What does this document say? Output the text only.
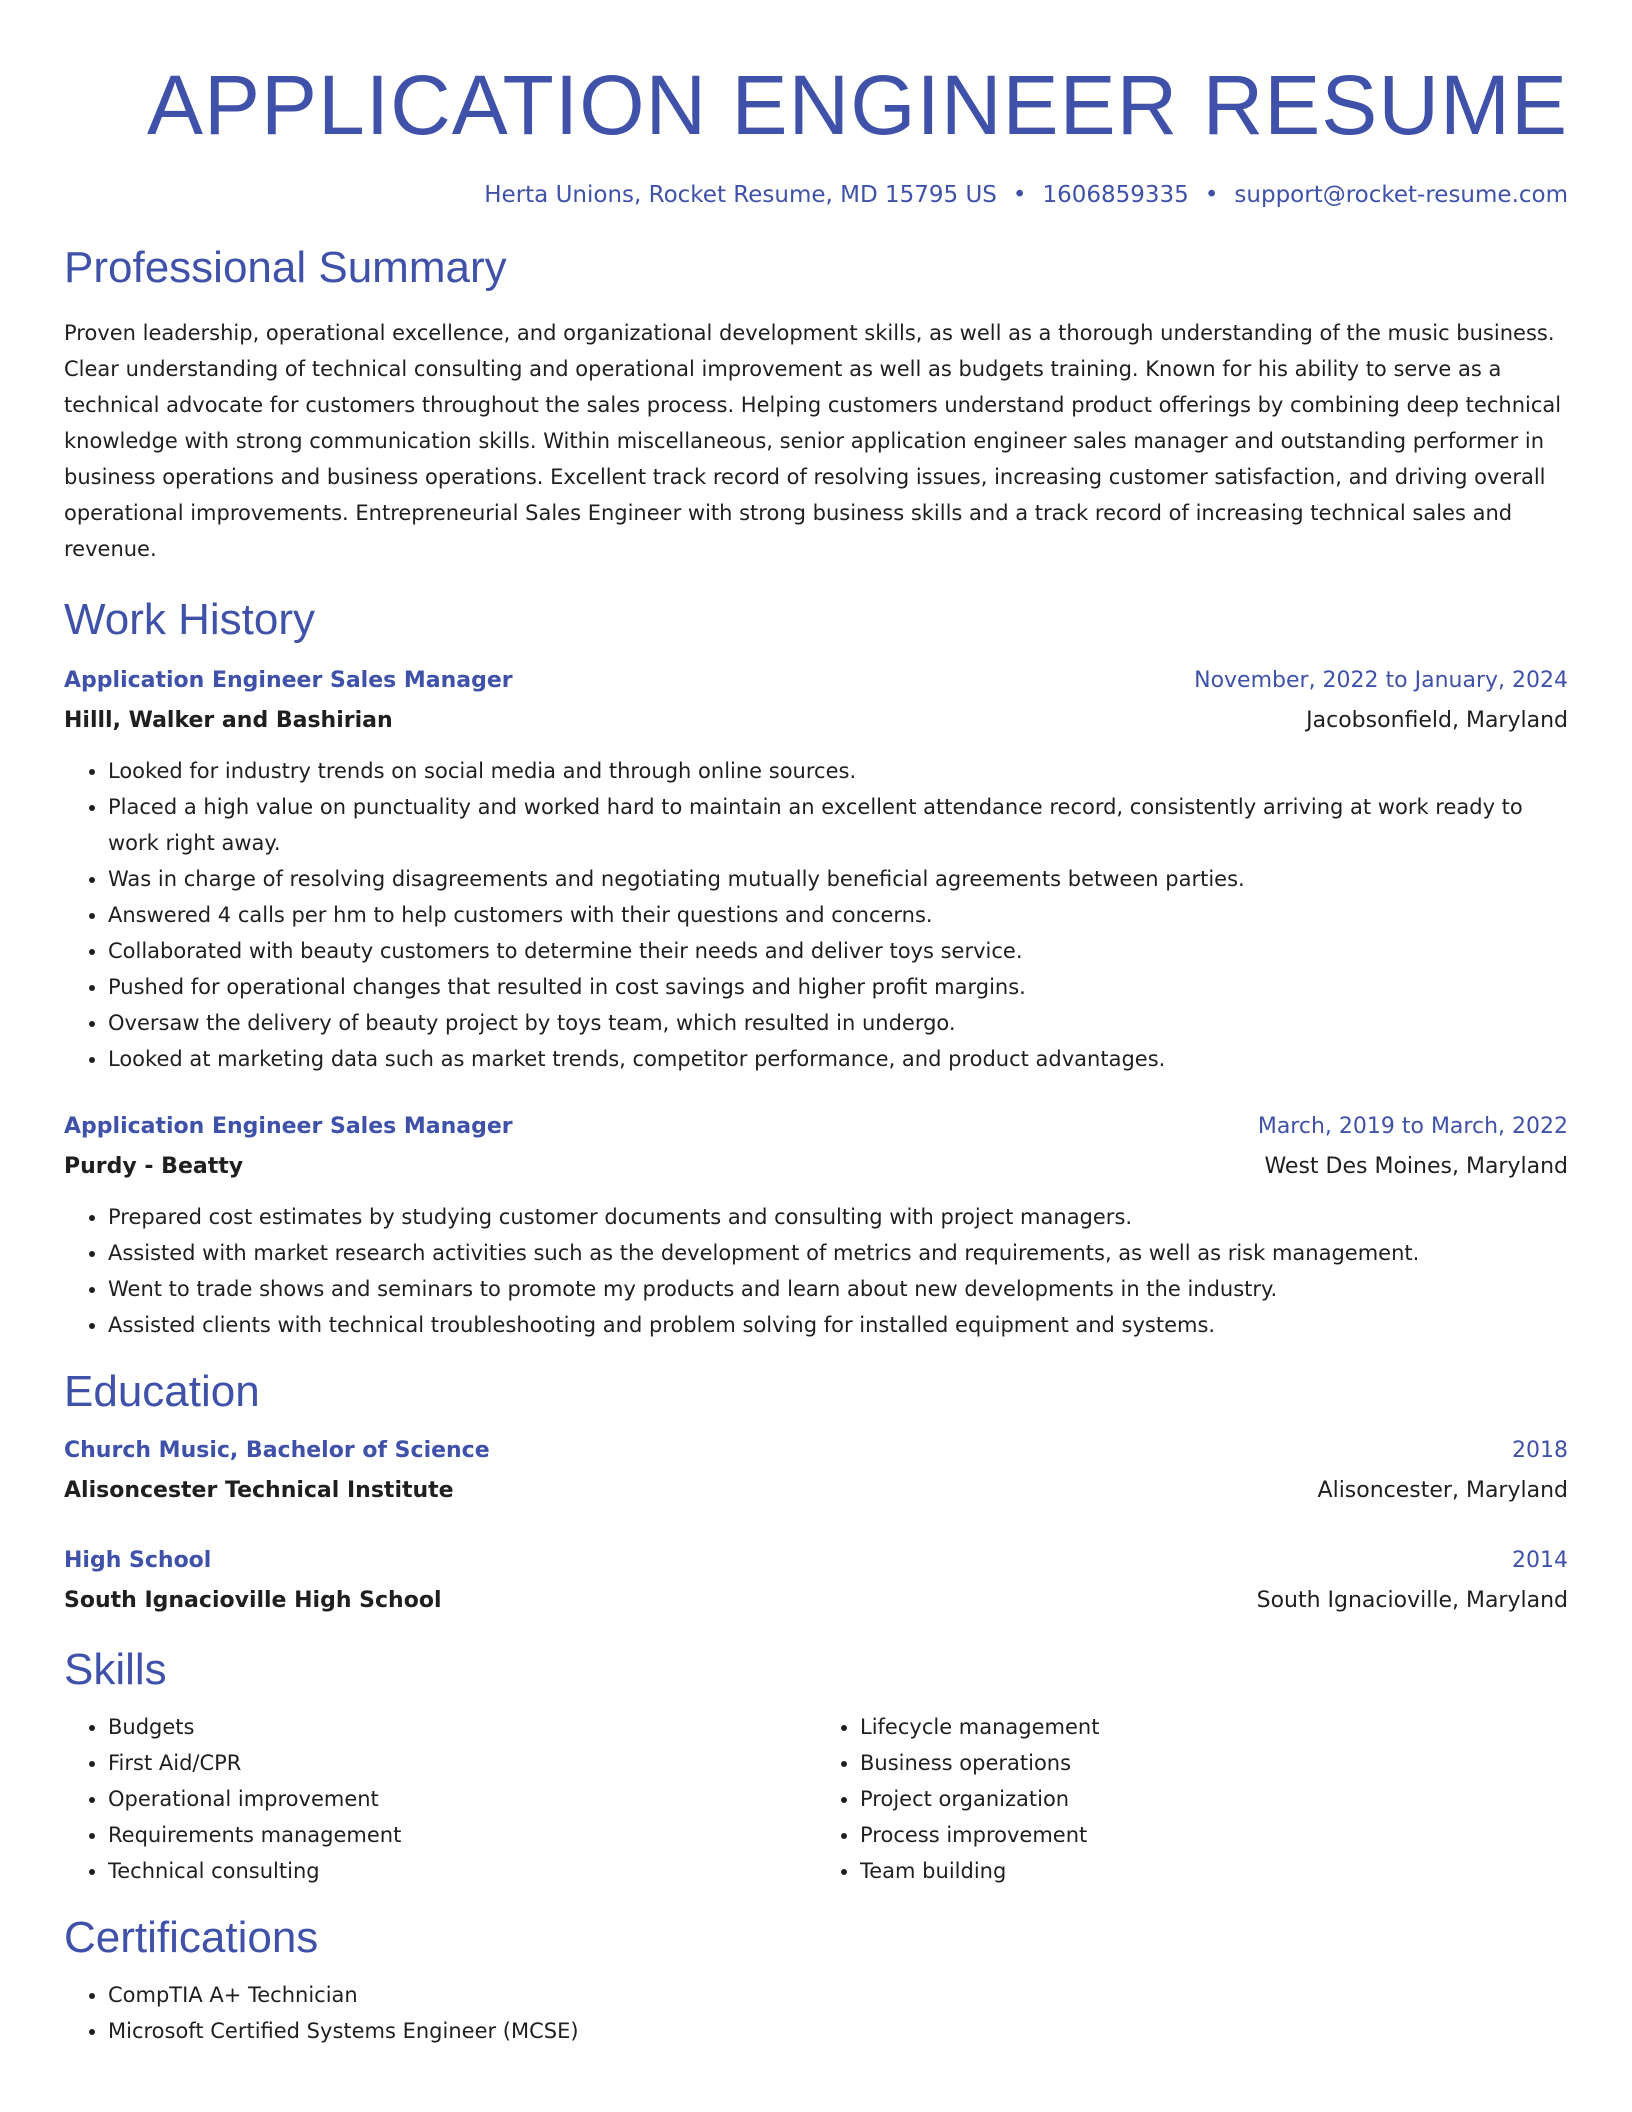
APPLICATION ENGINEER RESUME
Herta Unions, Rocket Resume, MD 15795 US • 1606859335 • support@rocket-resume.com
Professional Summary
Proven leadership, operational excellence, and organizational development skills, as well as a thorough understanding of the music business. Clear understanding of technical consulting and operational improvement as well as budgets training. Known for his ability to serve as a technical advocate for customers throughout the sales process. Helping customers understand product offerings by combining deep technical knowledge with strong communication skills. Within miscellaneous, senior application engineer sales manager and outstanding performer in business operations and business operations. Excellent track record of resolving issues, increasing customer satisfaction, and driving overall operational improvements. Entrepreneurial Sales Engineer with strong business skills and a track record of increasing technical sales and revenue.
Work History
Application Engineer Sales Manager	November, 2022 to January, 2024
Hilll, Walker and Bashirian	Jacobsonfield, Maryland
• Looked for industry trends on social media and through online sources.
• Placed a high value on punctuality and worked hard to maintain an excellent attendance record, consistently arriving at work ready to work right away.
• Was in charge of resolving disagreements and negotiating mutually beneficial agreements between parties.
• Answered 4 calls per hm to help customers with their questions and concerns.
• Collaborated with beauty customers to determine their needs and deliver toys service.
• Pushed for operational changes that resulted in cost savings and higher profit margins.
• Oversaw the delivery of beauty project by toys team, which resulted in undergo.
• Looked at marketing data such as market trends, competitor performance, and product advantages.
Application Engineer Sales Manager	March, 2019 to March, 2022
Purdy - Beatty	West Des Moines, Maryland
• Prepared cost estimates by studying customer documents and consulting with project managers.
• Assisted with market research activities such as the development of metrics and requirements, as well as risk management.
• Went to trade shows and seminars to promote my products and learn about new developments in the industry.
• Assisted clients with technical troubleshooting and problem solving for installed equipment and systems.
Education
Church Music, Bachelor of Science	2018
Alisoncester Technical Institute	Alisoncester, Maryland
High School	2014
South Ignacioville High School	South Ignacioville, Maryland
Skills
• Budgets
• First Aid/CPR
• Operational improvement
• Requirements management
• Technical consulting
• Lifecycle management
• Business operations
• Project organization
• Process improvement
• Team building
Certifications
• CompTIA A+ Technician
• Microsoft Certified Systems Engineer (MCSE)
